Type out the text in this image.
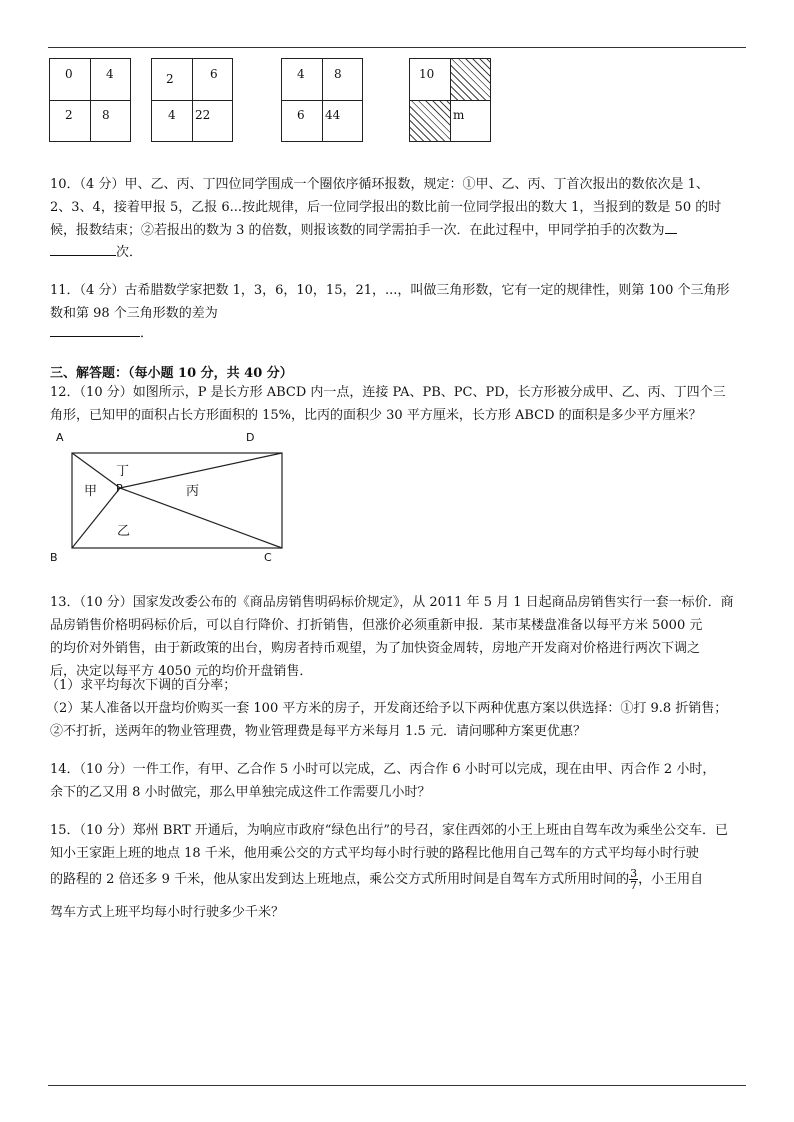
0	4
2 8
2	6
4 22
4 8
6 44
10
m
10．（4 分）甲、乙、丙、丁四位同学围成一个圈依序循环报数，规定：①甲、乙、丙、丁首次报出的数依次是 1、
2、3、4，接着甲报 5，乙报 6...按此规律，后一位同学报出的数比前一位同学报出的数大 1，当报到的数是 50 的时
候，报数结束；②若报出的数为 3 的倍数，则报该数的同学需拍手一次．在此过程中，甲同学拍手的次数为
次．
11．（4 分）古希腊数学家把数 1，3，6，10，15，21，...，叫做三角形数，它有一定的规律性，则第 100 个三角形
数和第 98 个三角形数的差为
．
三、解答题：（每小题 10 分，共 40 分）
12．（10 分）如图所示，P 是长方形 ABCD 内一点，连接 PA、PB、PC、PD，长方形被分成甲、乙、丙、丁四个三
角形，已知甲的面积占长方形面积的 15%，比丙的面积少 30 平方厘米，长方形 ABCD 的面积是多少平方厘米？
A	D
B	C
P
丁
甲	丙
乙
13．（10 分）国家发改委公布的《商品房销售明码标价规定》，从 2011 年 5 月 1 日起商品房销售实行一套一标价．商
品房销售价格明码标价后，可以自行降价、打折销售，但涨价必须重新申报．某市某楼盘准备以每平方米 5000 元
的均价对外销售，由于新政策的出台，购房者持币观望，为了加快资金周转，房地产开发商对价格进行两次下调之
后，决定以每平方 4050 元的均价开盘销售．
（1）求平均每次下调的百分率；
（2）某人准备以开盘均价购买一套 100 平方米的房子，开发商还给予以下两种优惠方案以供选择：①打 9.8 折销售；
②不打折，送两年的物业管理费，物业管理费是每平方米每月 1.5 元．请问哪种方案更优惠？
14．（10 分）一件工作，有甲、乙合作 5 小时可以完成，乙、丙合作 6 小时可以完成，现在由甲、丙合作 2 小时，
余下的乙又用 8 小时做完，那么甲单独完成这件工作需要几小时？
15．（10 分）郑州 BRT 开通后，为响应市政府“绿色出行”的号召，家住西郊的小王上班由自驾车改为乘坐公交车．已
知小王家距上班的地点 18 千米，他用乘公交的方式平均每小时行驶的路程比他用自己驾车的方式平均每小时行驶
的路程的 2 倍还多 9 千米，他从家出发到达上班地点，乘公交方式所用时间是自驾车方式所用时间的 $\frac{3}{7}$ ，小王用自
驾车方式上班平均每小时行驶多少千米？
